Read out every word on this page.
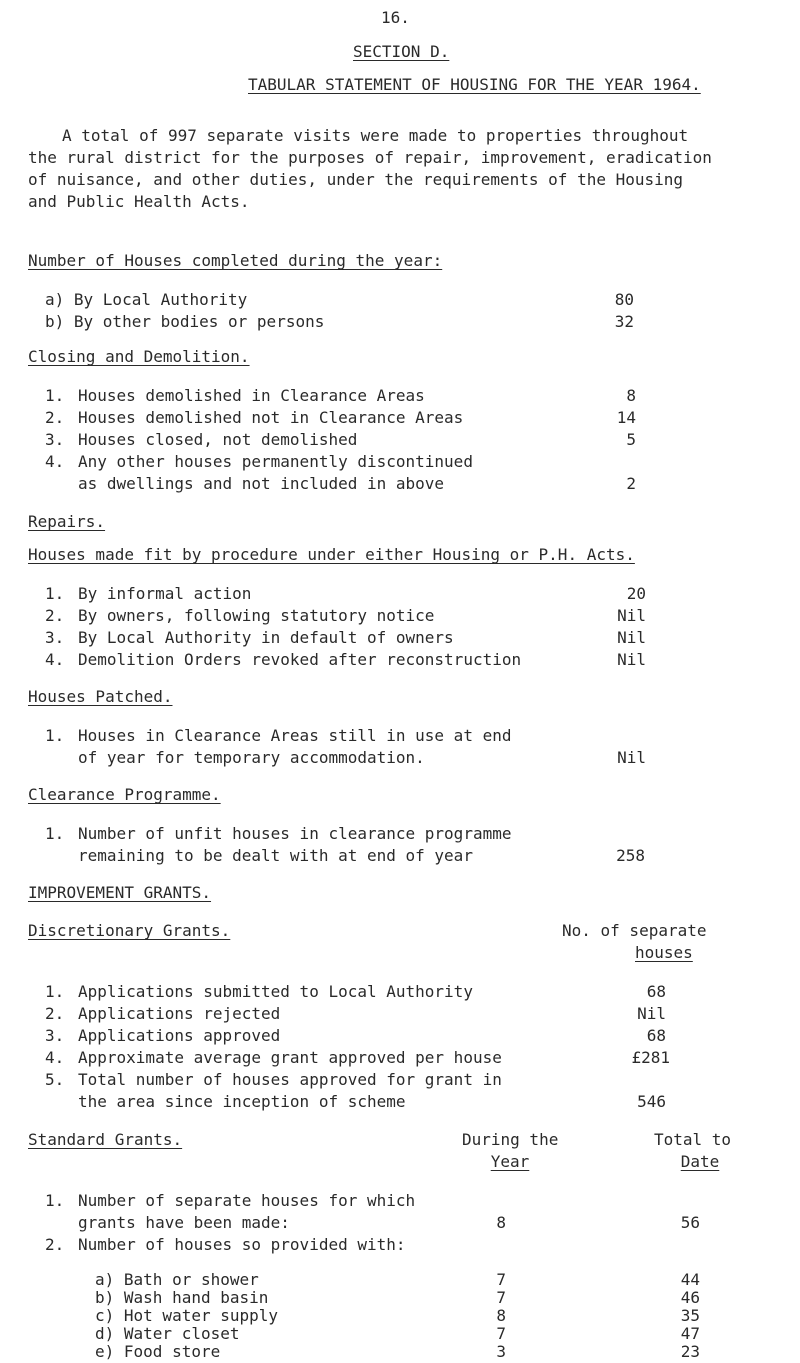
16.
SECTION D.
TABULAR STATEMENT OF HOUSING FOR THE YEAR 1964.
A total of 997 separate visits were made to properties throughout
the rural district for the purposes of repair, improvement, eradication
of nuisance, and other duties, under the requirements of the Housing
and Public Health Acts.
Number of Houses completed during the year:
a) By Local Authority	80
b) By other bodies or persons	32
Closing and Demolition.
1. Houses demolished in Clearance Areas	8
2. Houses demolished not in Clearance Areas	14
3. Houses closed, not demolished	5
4. Any other houses permanently discontinued
as dwellings and not included in above	2
Repairs.
Houses made fit by procedure under either Housing or P.H. Acts.
1. By informal action	20
2. By owners, following statutory notice	Nil
3. By Local Authority in default of owners	Nil
4. Demolition Orders revoked after reconstruction	Nil
Houses Patched.
1. Houses in Clearance Areas still in use at end
of year for temporary accommodation.	Nil
Clearance Programme.
1. Number of unfit houses in clearance programme
remaining to be dealt with at end of year	258
IMPROVEMENT GRANTS.
Discretionary Grants.	No. of separate
houses
1. Applications submitted to Local Authority	68
2. Applications rejected	Nil
3. Applications approved	68
4. Approximate average grant approved per house	£281
5. Total number of houses approved for grant in
the area since inception of scheme	546
Standard Grants.	During the
Year
Total to
Date
1. Number of separate houses for which
grants have been made:	8	56
2. Number of houses so provided with:
a) Bath or shower	7	44
b) Wash hand basin	7	46
c) Hot water supply	8	35
d) Water closet	7	47
e) Food store	3	23
